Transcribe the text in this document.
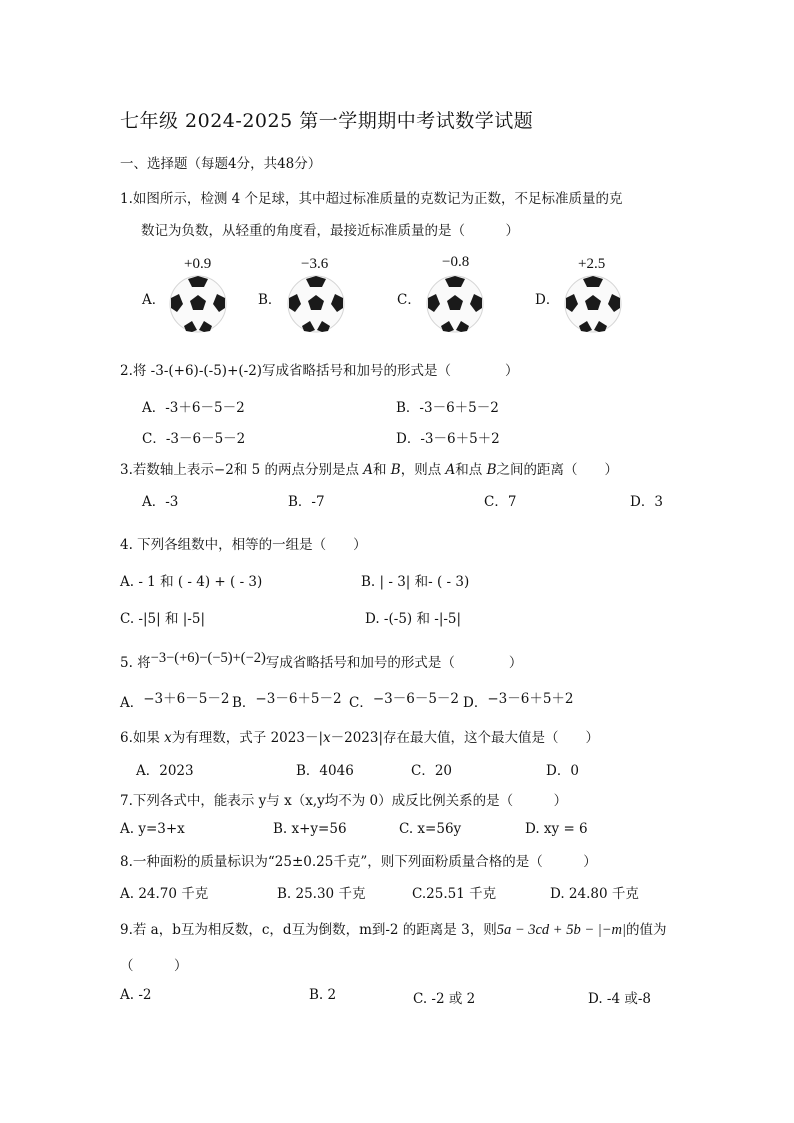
七年级 2024-2025 第一学期期中考试数学试题
一、选择题（每题4分，共48分）
1.如图所示，检测 4 个足球，其中超过标准质量的克数记为正数，不足标准质量的克
数记为负数，从轻重的角度看，最接近标准质量的是（　　　）
A．
+0.9
B．
−3.6
C．
−0.8
D．
+2.5
2.将 -3-(+6)-(-5)+(-2)写成省略括号和加号的形式是（　　　　）
A．-3＋6－5－2	B．-3－6＋5－2
C．-3－6－5－2	D．-3－6＋5＋2
3.若数轴上表示−2和 5 的两点分别是点 A和 B，则点 A和点 B之间的距离（　　）
A．-3	B．-7	C．7	D．3
4. 下列各组数中，相等的一组是（　　）
A. - 1 和 ( - 4) + ( - 3)	B. | - 3| 和- ( - 3)
C. -|5| 和 |-5|	D. -(-5) 和 -|-5|
5. 将−3−(+6)−(−5)+(−2)写成省略括号和加号的形式是（　　　　）
A．−3＋6－5－2 B．−3－6＋5－2 C．−3－6－5－2 D．−3－6＋5＋2
6.如果 x为有理数，式子 2023－|x－2023|存在最大值，这个最大值是（　　）
A．2023	B．4046	C．20	D．0
7.下列各式中，能表示 y与 x（x,y均不为 0）成反比例关系的是（　　　）
A. y=3+x	B. x+y=56	C. x=56y	D. xy = 6
8.一种面粉的质量标识为“25±0.25千克”，则下列面粉质量合格的是（　　　）
A. 24.70 千克	B. 25.30 千克	C.25.51 千克	D. 24.80 千克
9.若 a，b互为相反数，c，d互为倒数，m到-2 的距离是 3，则5a − 3cd + 5b − |−m|的值为
（　　　）
A. -2	B. 2	C. -2 或 2	D. -4 或-8
